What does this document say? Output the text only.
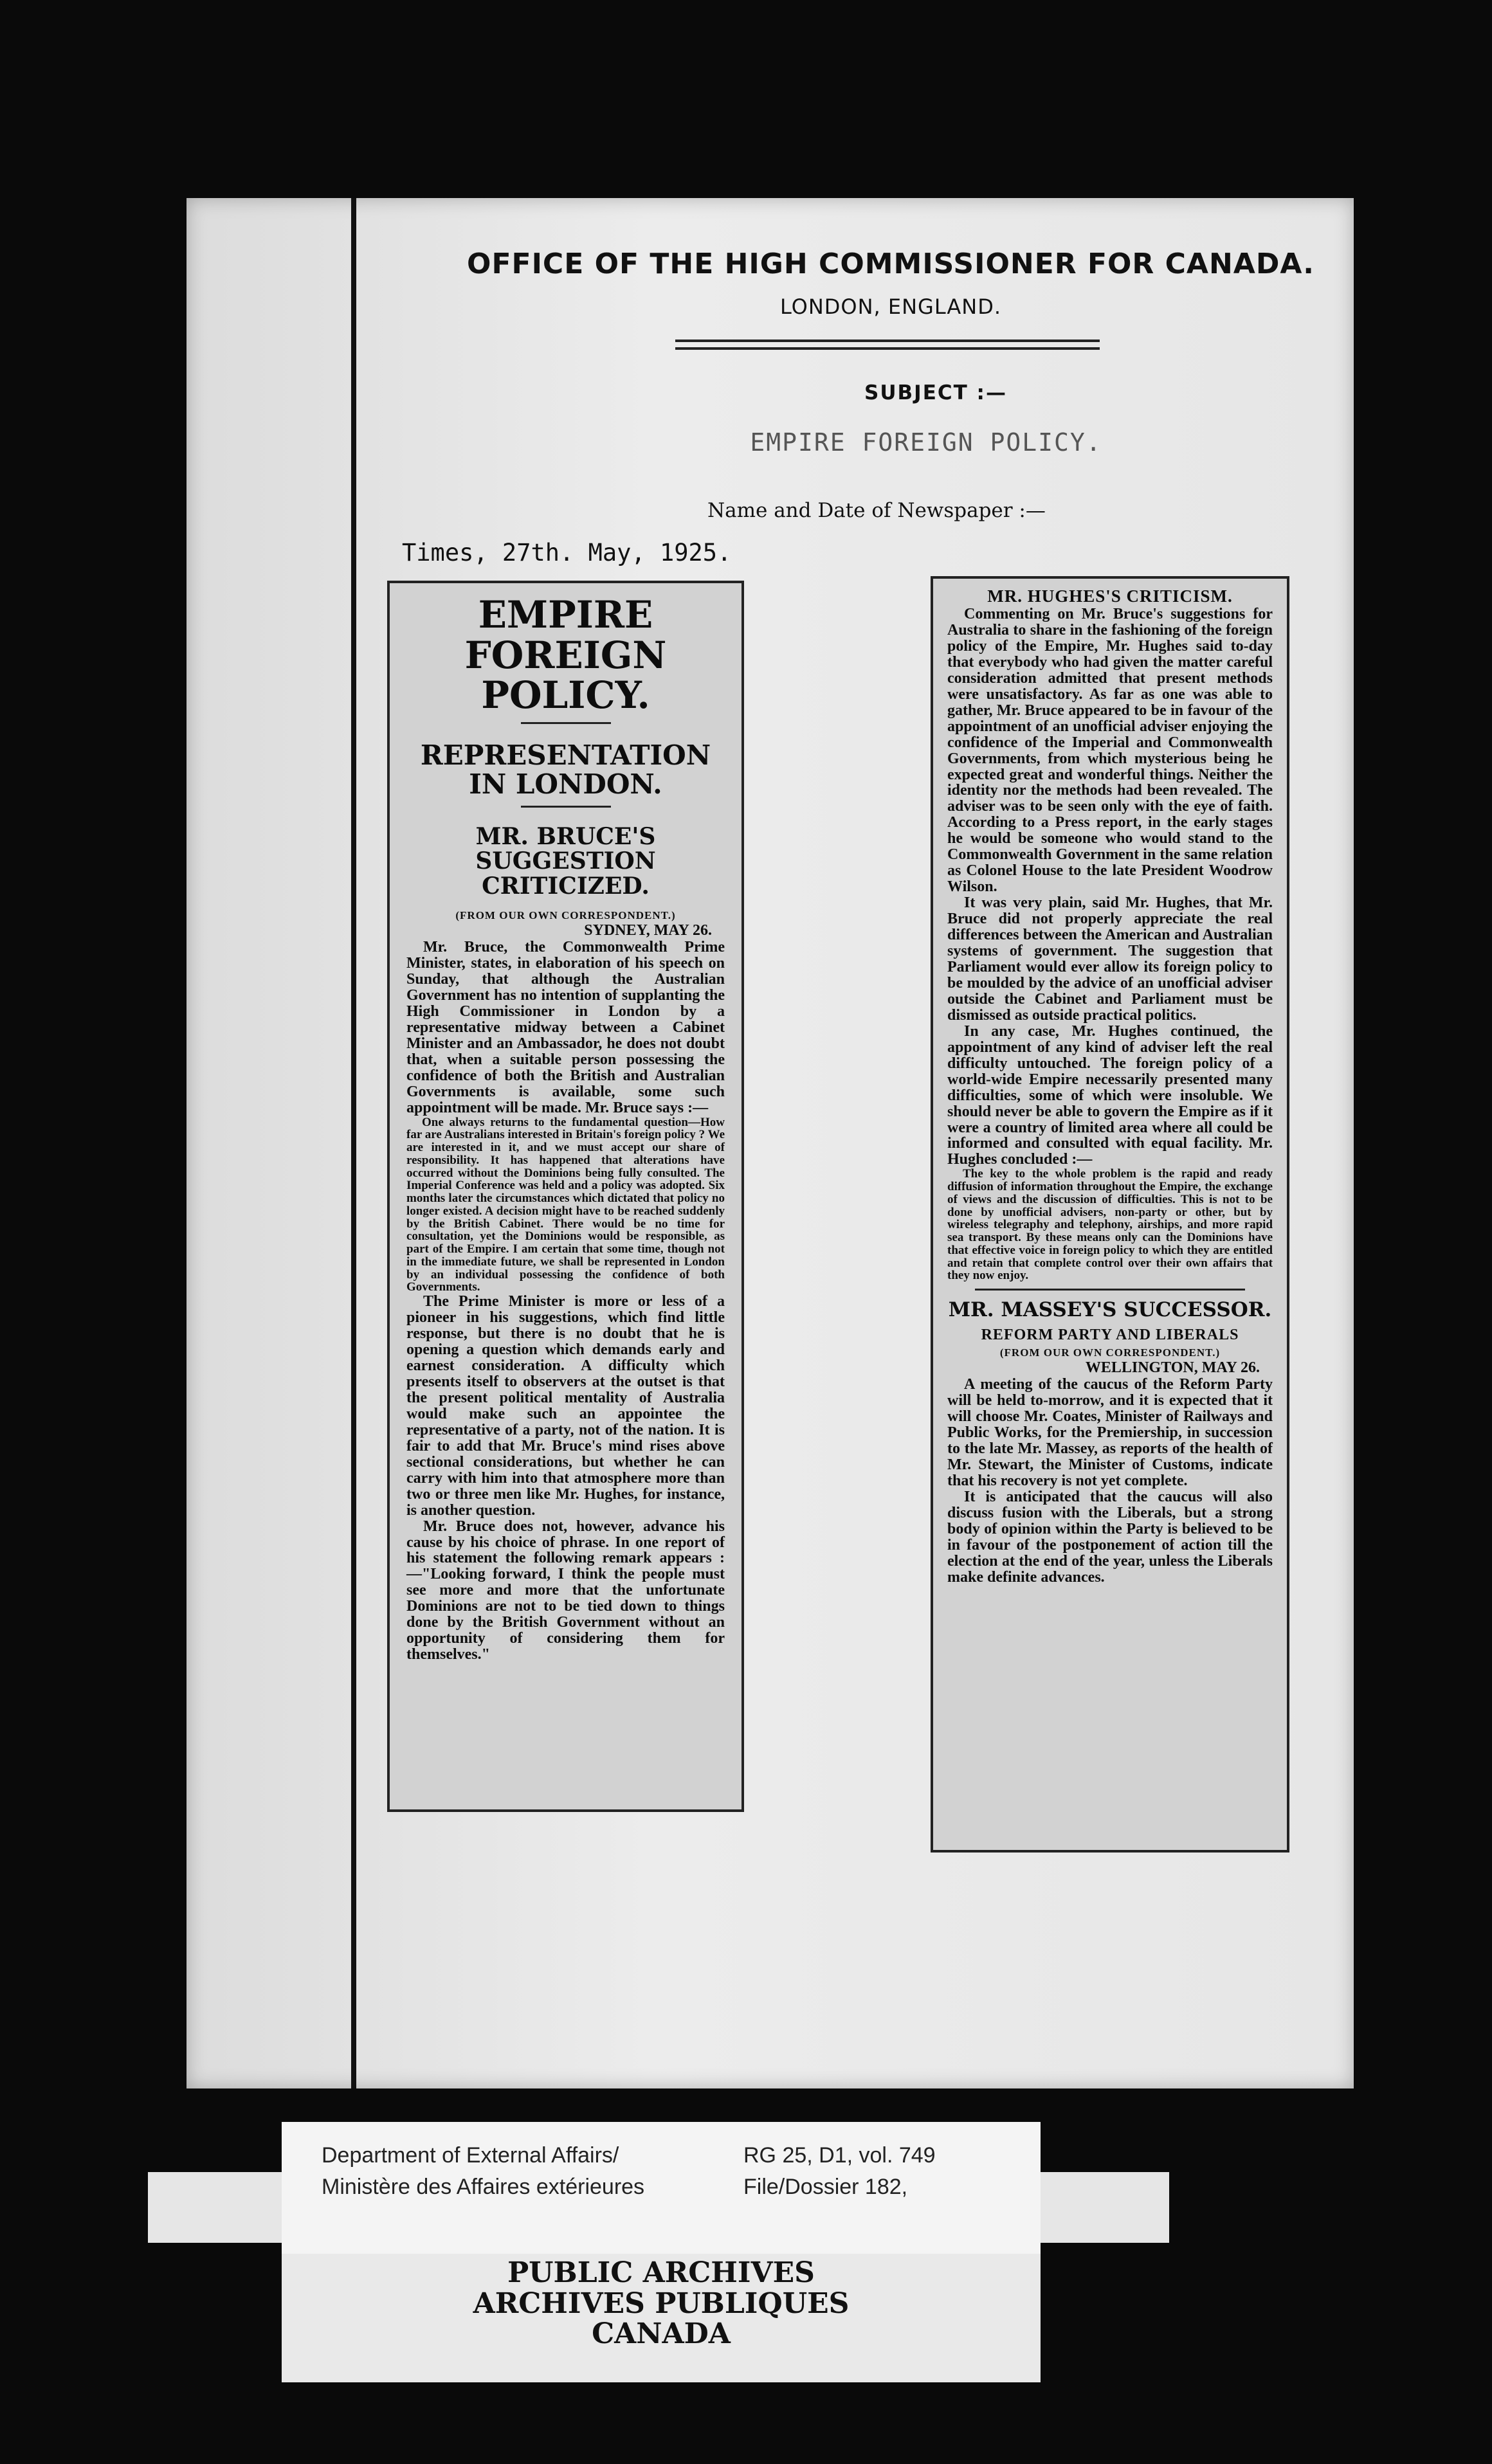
OFFICE OF THE HIGH COMMISSIONER FOR CANADA.
LONDON, ENGLAND.
SUBJECT :—
EMPIRE FOREIGN POLICY.
Name and Date of Newspaper :—
Times, 27th. May, 1925.
EMPIRE FOREIGN POLICY.
REPRESENTATION IN LONDON.
MR. BRUCE'S SUGGESTION CRITICIZED.
(FROM OUR OWN CORRESPONDENT.)
SYDNEY, MAY 26.

Mr. Bruce, the Commonwealth Prime Minister, states, in elaboration of his speech on Sunday, that although the Australian Government has no intention of supplanting the High Commissioner in London by a representative midway between a Cabinet Minister and an Ambassador, he does not doubt that, when a suitable person possessing the confidence of both the British and Australian Governments is available, some such appointment will be made. Mr. Bruce says :—

One always returns to the fundamental question—How far are Australians interested in Britain's foreign policy ? We are interested in it, and we must accept our share of responsibility. It has happened that alterations have occurred without the Dominions being fully consulted. The Imperial Conference was held and a policy was adopted. Six months later the circumstances which dictated that policy no longer existed. A decision might have to be reached suddenly by the British Cabinet. There would be no time for consultation, yet the Dominions would be responsible, as part of the Empire. I am certain that some time, though not in the immediate future, we shall be represented in London by an individual possessing the confidence of both Governments.

The Prime Minister is more or less of a pioneer in his suggestions, which find little response, but there is no doubt that he is opening a question which demands early and earnest consideration. A difficulty which presents itself to observers at the outset is that the present political mentality of Australia would make such an appointee the representative of a party, not of the nation. It is fair to add that Mr. Bruce's mind rises above sectional considerations, but whether he can carry with him into that atmosphere more than two or three men like Mr. Hughes, for instance, is another question.

Mr. Bruce does not, however, advance his cause by his choice of phrase. In one report of his statement the following remark appears :—"Looking forward, I think the people must see more and more that the unfortunate Dominions are not to be tied down to things done by the British Government without an opportunity of considering them for themselves."

MR. HUGHES'S CRITICISM.

Commenting on Mr. Bruce's suggestions for Australia to share in the fashioning of the foreign policy of the Empire, Mr. Hughes said to-day that everybody who had given the matter careful consideration admitted that present methods were unsatisfactory. As far as one was able to gather, Mr. Bruce appeared to be in favour of the appointment of an unofficial adviser enjoying the confidence of the Imperial and Commonwealth Governments, from which mysterious being he expected great and wonderful things. Neither the identity nor the methods had been revealed. The adviser was to be seen only with the eye of faith. According to a Press report, in the early stages he would be someone who would stand to the Commonwealth Government in the same relation as Colonel House to the late President Woodrow Wilson.

It was very plain, said Mr. Hughes, that Mr. Bruce did not properly appreciate the real differences between the American and Australian systems of government. The suggestion that Parliament would ever allow its foreign policy to be moulded by the advice of an unofficial adviser outside the Cabinet and Parliament must be dismissed as outside practical politics.

In any case, Mr. Hughes continued, the appointment of any kind of adviser left the real difficulty untouched. The foreign policy of a world-wide Empire necessarily presented many difficulties, some of which were insoluble. We should never be able to govern the Empire as if it were a country of limited area where all could be informed and consulted with equal facility. Mr. Hughes concluded :—

The key to the whole problem is the rapid and ready diffusion of information throughout the Empire, the exchange of views and the discussion of difficulties. This is not to be done by unofficial advisers, non-party or other, but by wireless telegraphy and telephony, airships, and more rapid sea transport. By these means only can the Dominions have that effective voice in foreign policy to which they are entitled and retain that complete control over their own affairs that they now enjoy.

MR. MASSEY'S SUCCESSOR.
REFORM PARTY AND LIBERALS
(FROM OUR OWN CORRESPONDENT.)
WELLINGTON, MAY 26.

A meeting of the caucus of the Reform Party will be held to-morrow, and it is expected that it will choose Mr. Coates, Minister of Railways and Public Works, for the Premiership, in succession to the late Mr. Massey, as reports of the health of Mr. Stewart, the Minister of Customs, indicate that his recovery is not yet complete.

It is anticipated that the caucus will also discuss fusion with the Liberals, but a strong body of opinion within the Party is believed to be in favour of the postponement of action till the election at the end of the year, unless the Liberals make definite advances.

Department of External Affairs/
Ministère des Affaires extérieures
RG 25, D1, vol. 749
File/Dossier 182,
PUBLIC ARCHIVES
ARCHIVES PUBLIQUES
CANADA
